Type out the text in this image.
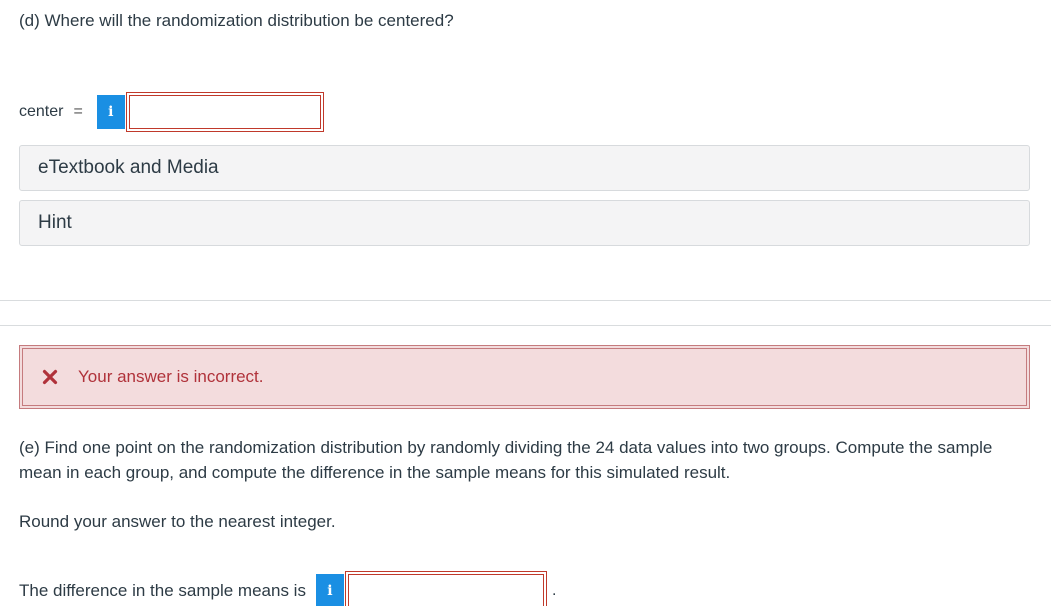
(d) Where will the randomization distribution be centered?

center =	i
eTextbook and Media
Hint
Your answer is incorrect.

(e) Find one point on the randomization distribution by randomly dividing the 24 data values into two groups. Compute the sample mean in each group, and compute the difference in the sample means for this simulated result.

Round your answer to the nearest integer.

The difference in the sample means is	i	.
